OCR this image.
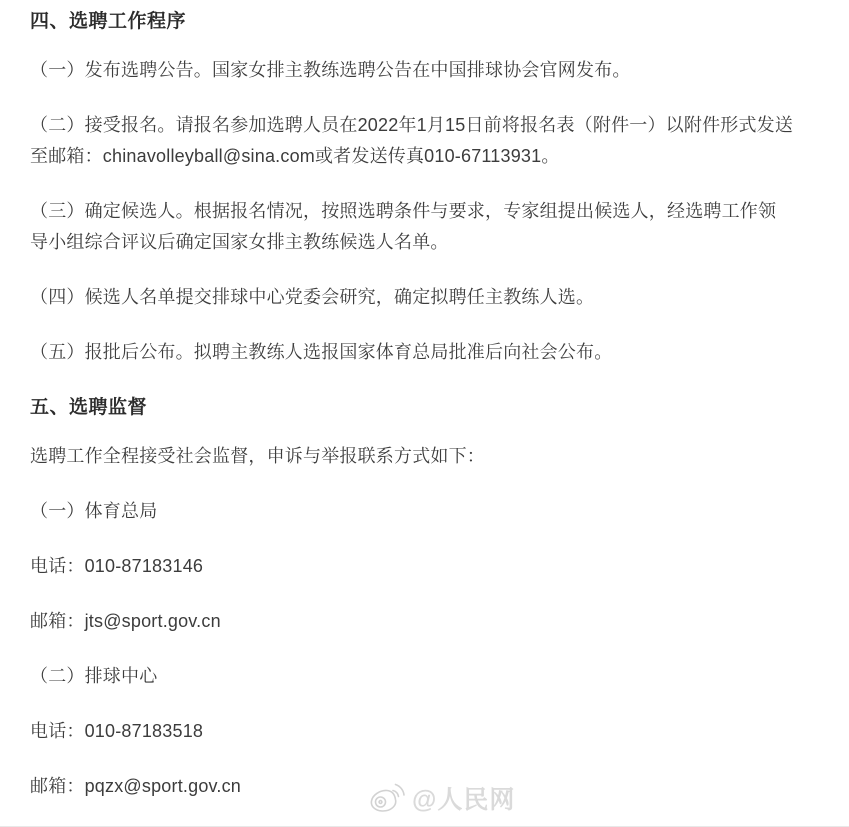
四、选聘工作程序
（一）发布选聘公告。国家女排主教练选聘公告在中国排球协会官网发布。
（二）接受报名。请报名参加选聘人员在2022年1月15日前将报名表（附件一）以附件形式发送至邮箱：chinavolleyball@sina.com或者发送传真010-67113931。
（三）确定候选人。根据报名情况，按照选聘条件与要求，专家组提出候选人，经选聘工作领导小组综合评议后确定国家女排主教练候选人名单。
（四）候选人名单提交排球中心党委会研究，确定拟聘任主教练人选。
（五）报批后公布。拟聘主教练人选报国家体育总局批准后向社会公布。
五、选聘监督
选聘工作全程接受社会监督，申诉与举报联系方式如下：
（一）体育总局
电话：010-87183146
邮箱：jts@sport.gov.cn
（二）排球中心
电话：010-87183518
邮箱：pqzx@sport.gov.cn	@人民网
